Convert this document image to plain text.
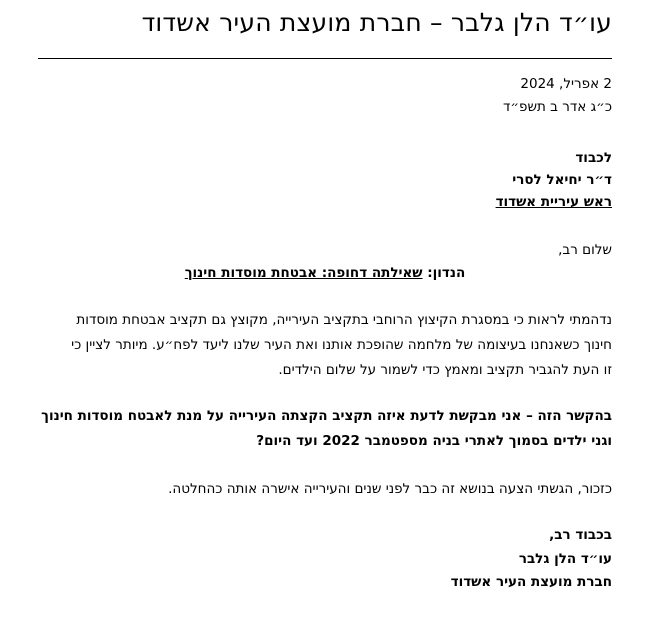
עו״ד הלן גלבר – חברת מועצת העיר אשדוד
2 אפריל, 2024
כ״ג אדר ב תשפ״ד
לכבוד
ד״ר יחיאל לסרי
ראש עיריית אשדוד
שלום רב,
הנדון: שאילתה דחופה: אבטחת מוסדות חינוך
נדהמתי לראות כי במסגרת הקיצוץ הרוחבי בתקציב העירייה, מקוצץ גם תקציב אבטחת מוסדות
חינוך כשאנחנו בעיצומה של מלחמה שהופכת אותנו ואת העיר שלנו ליעד לפח״ע. מיותר לציין כי
זו העת להגביר תקציב ומאמץ כדי לשמור על שלום הילדים.
בהקשר הזה – אני מבקשת לדעת איזה תקציב הקצתה העירייה על מנת לאבטח מוסדות חינוך
וגני ילדים בסמוך לאתרי בניה מספטמבר 2022 ועד היום?
כזכור, הגשתי הצעה בנושא זה כבר לפני שנים והעירייה אישרה אותה כהחלטה.
בכבוד רב,
עו״ד הלן גלבר
חברת מועצת העיר אשדוד
